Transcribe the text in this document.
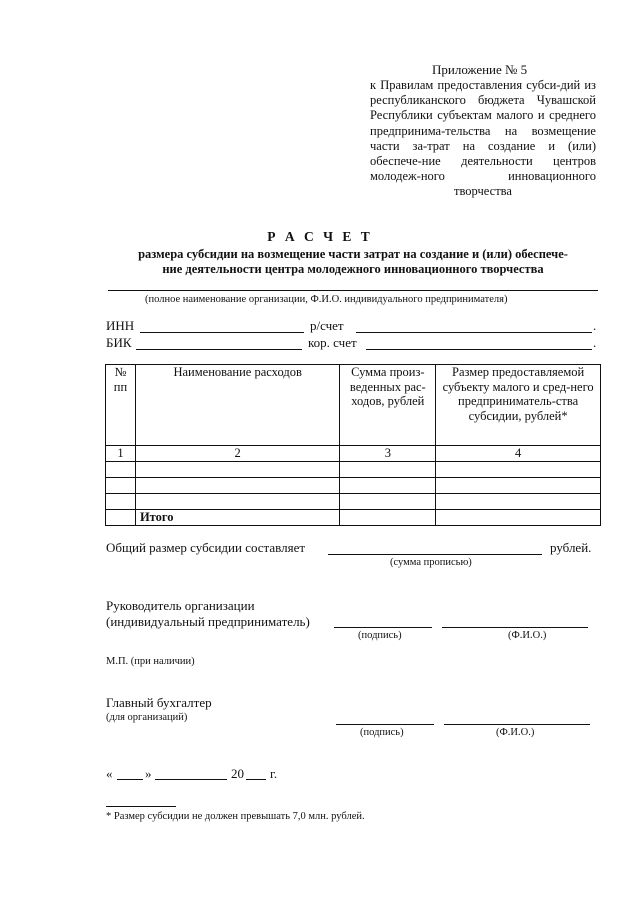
Приложение № 5
к Правилам предоставления субси-дий из республиканского бюджета Чувашской Республики субъектам малого и среднего предпринима-тельства на возмещение части за-трат на создание и (или) обеспече-ние деятельности центров молодеж-ного инновационного творчества
Р А С Ч Е Т
размера субсидии на возмещение части затрат на создание и (или) обеспече-
ние деятельности центра молодежного инновационного творчества
(полное наименование организации, Ф.И.О. индивидуального предпринимателя)
ИНН	р/счет	.
БИК	кор. счет	.
№ пп	Наименование расходов	Сумма произ-веденных рас-ходов, рублей	Размер предоставляемой субъекту малого и сред-него предприниматель-ства субсидии, рублей*
1	2	3	4

	Итого		
Общий размер субсидии составляет	рублей.
(сумма прописью)
Руководитель организации
(индивидуальный предприниматель)
(подпись)	(Ф.И.О.)
М.П. (при наличии)
Главный бухгалтер
(для организаций)
(подпись)	(Ф.И.О.)
«	»	20 г.
* Размер субсидии не должен превышать 7,0 млн. рублей.
